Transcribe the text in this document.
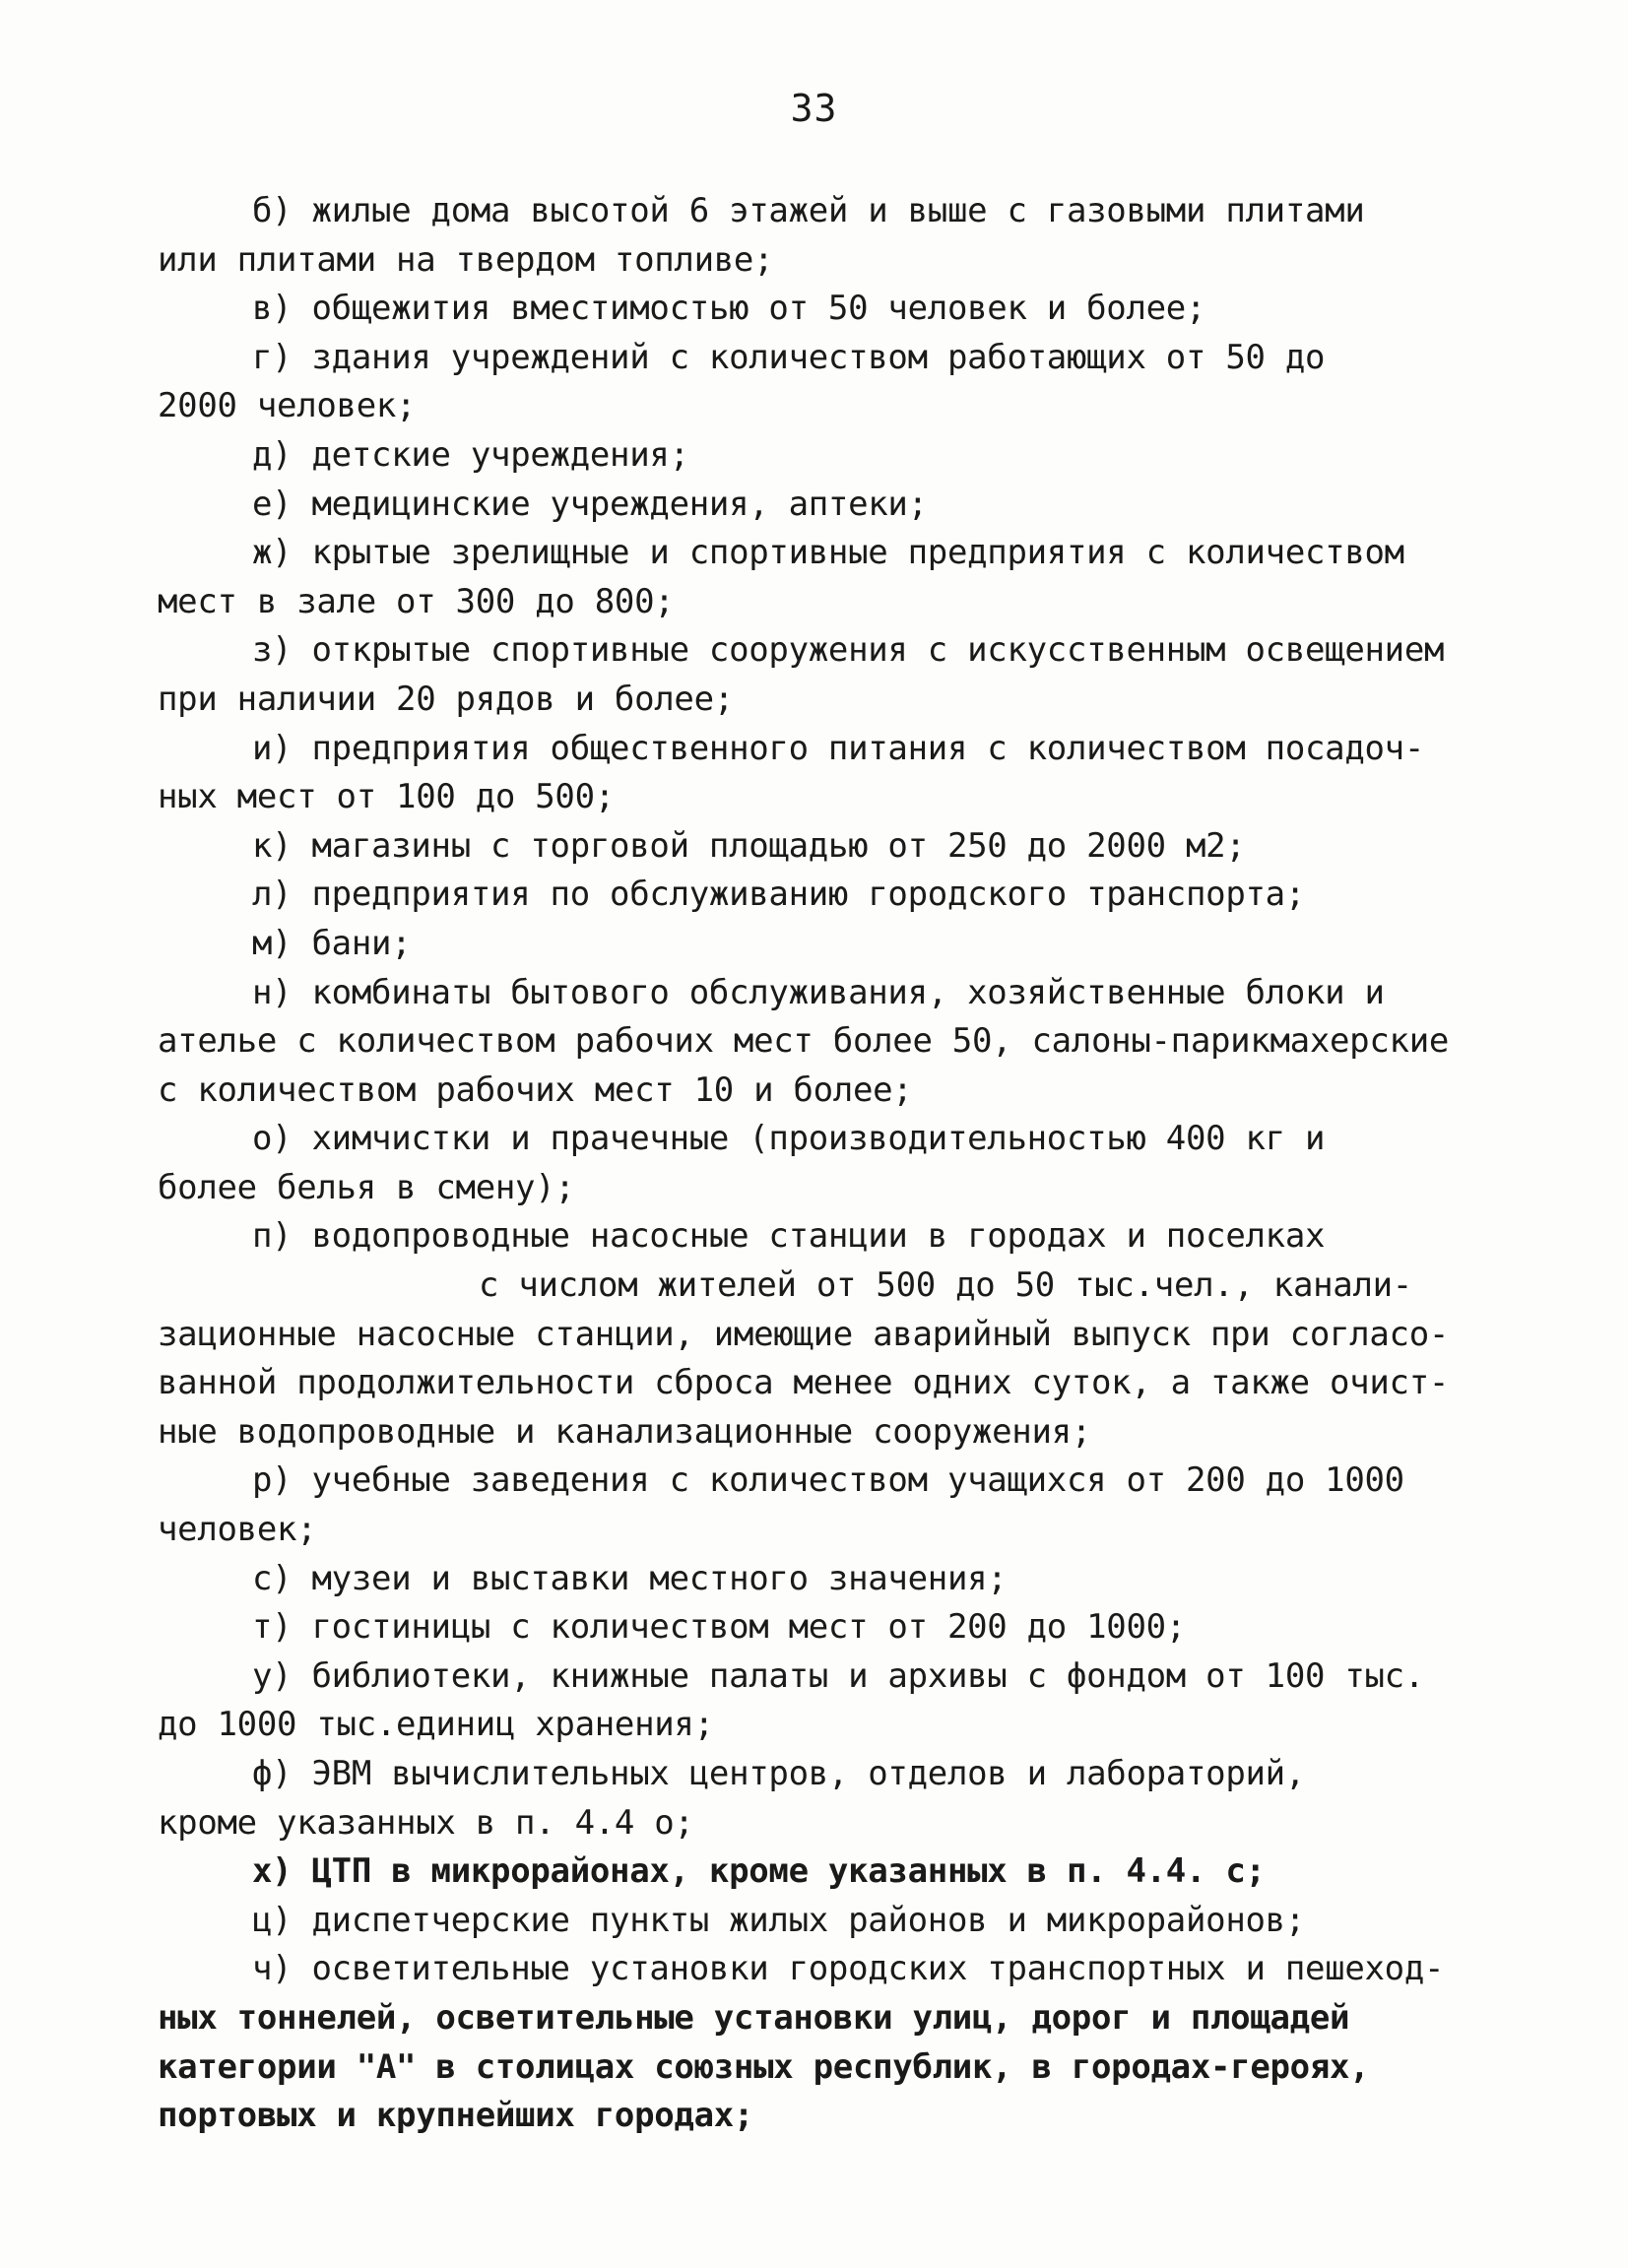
33
б) жилые дома высотой 6 этажей и выше с газовыми плитами
или плитами на твердом топливе;
в) общежития вместимостью от 50 человек и более;
г) здания учреждений с количеством работающих от 50 до
2000 человек;
д) детские учреждения;
е) медицинские учреждения, аптеки;
ж) крытые зрелищные и спортивные предприятия с количеством
мест в зале от 300 до 800;
з) открытые спортивные сооружения с искусственным освещением
при наличии 20 рядов и более;
и) предприятия общественного питания с количеством посадоч-
ных мест от 100 до 500;
к) магазины с торговой площадью от 250 до 2000 м2;
л) предприятия по обслуживанию городского транспорта;
м) бани;
н) комбинаты бытового обслуживания, хозяйственные блоки и
ателье с количеством рабочих мест более 50, салоны-парикмахерские
с количеством рабочих мест 10 и более;
о) химчистки и прачечные (производительностью 400 кг и
более белья в смену);
п) водопроводные насосные станции в городах и поселках
с числом жителей от 500 до 50 тыс.чел., канали-
зационные насосные станции, имеющие аварийный выпуск при согласо-
ванной продолжительности сброса менее одних суток, а также очист-
ные водопроводные и канализационные сооружения;
р) учебные заведения с количеством учащихся от 200 до 1000
человек;
с) музеи и выставки местного значения;
т) гостиницы с количеством мест от 200 до 1000;
у) библиотеки, книжные палаты и архивы с фондом от 100 тыс.
до 1000 тыс.единиц хранения;
ф) ЭВМ вычислительных центров, отделов и лабораторий,
кроме указанных в п. 4.4 о;
х) ЦТП в микрорайонах, кроме указанных в п. 4.4. с;
ц) диспетчерские пункты жилых районов и микрорайонов;
ч) осветительные установки городских транспортных и пешеход-
ных тоннелей, осветительные установки улиц, дорог и площадей
категории "А" в столицах союзных республик, в городах-героях,
портовых и крупнейших городах;
